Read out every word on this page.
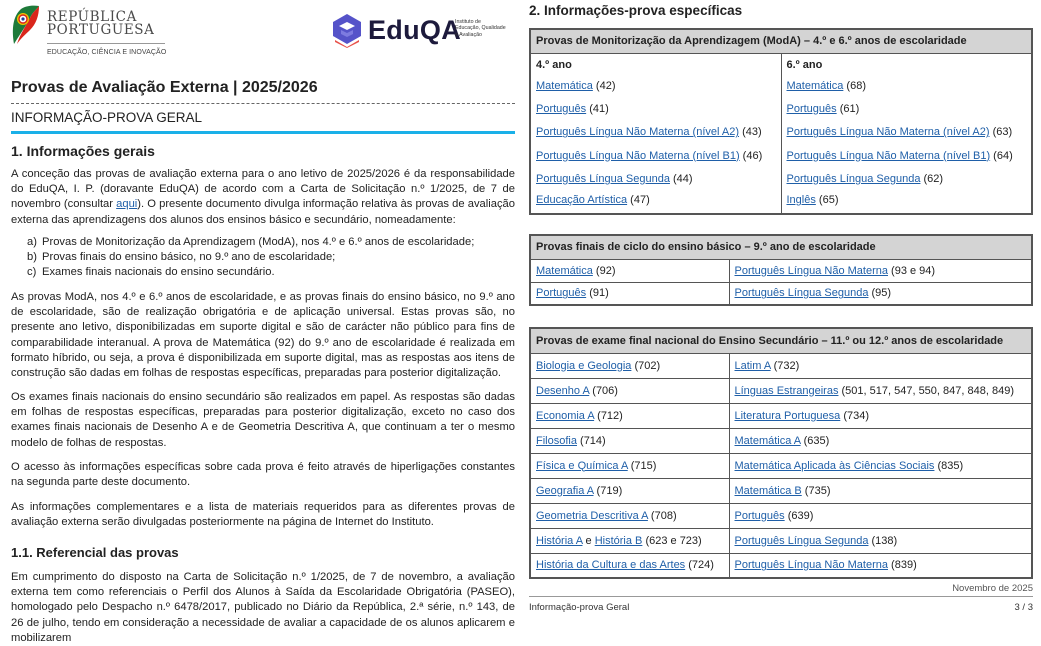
REPÚBLICA
PORTUGUESA
EDUCAÇÃO, CIÊNCIA E INOVAÇÃO
EduQA
Instituto de
Educação, Qualidade
e Avaliação
Provas de Avaliação Externa | 2025/2026
INFORMAÇÃO-PROVA GERAL
1. Informações gerais

A conceção das provas de avaliação externa para o ano letivo de 2025/2026 é da responsabilidade do EduQA, I. P. (doravante EduQA) de acordo com a Carta de Solicitação n.º 1/2025, de 7 de novembro (consultar aqui). O presente documento divulga informação relativa às provas de avaliação externa das aprendizagens dos alunos dos ensinos básico e secundário, nomeadamente:

a) Provas de Monitorização da Aprendizagem (ModA), nos 4.º e 6.º anos de escolaridade;
b) Provas finais do ensino básico, no 9.º ano de escolaridade;
c) Exames finais nacionais do ensino secundário.

As provas ModA, nos 4.º e 6.º anos de escolaridade, e as provas finais do ensino básico, no 9.º ano de escolaridade, são de realização obrigatória e de aplicação universal. Estas provas são, no presente ano letivo, disponibilizadas em suporte digital e são de carácter não público para fins de comparabilidade interanual. A prova de Matemática (92) do 9.º ano de escolaridade é realizada em formato híbrido, ou seja, a prova é disponibilizada em suporte digital, mas as respostas aos itens de construção são dadas em folhas de respostas específicas, preparadas para posterior digitalização.

Os exames finais nacionais do ensino secundário são realizados em papel. As respostas são dadas em folhas de respostas específicas, preparadas para posterior digitalização, exceto no caso dos exames finais nacionais de Desenho A e de Geometria Descritiva A, que continuam a ter o mesmo modelo de folhas de respostas.

O acesso às informações específicas sobre cada prova é feito através de hiperligações constantes na segunda parte deste documento.

As informações complementares e a lista de materiais requeridos para as diferentes provas de avaliação externa serão divulgadas posteriormente na página de Internet do Instituto.

1.1. Referencial das provas

Em cumprimento do disposto na Carta de Solicitação n.º 1/2025, de 7 de novembro, a avaliação externa tem como referenciais o Perfil dos Alunos à Saída da Escolaridade Obrigatória (PASEO), homologado pelo Despacho n.º 6478/2017, publicado no Diário da República, 2.ª série, n.º 143, de 26 de julho, tendo em consideração a necessidade de avaliar a capacidade de os alunos aplicarem e mobilizarem

2. Informações-prova específicas
Provas de Monitorização da Aprendizagem (ModA) – 4.º e 6.º anos de escolaridade	
4.º ano	6.º ano
Matemática (42)	Matemática (68)
Português (41)	Português (61)
Português Língua Não Materna (nível A2) (43)	Português Língua Não Materna (nível A2) (63)
Português Língua Não Materna (nível B1) (46)	Português Língua Não Materna (nível B1) (64)
Português Língua Segunda (44)	Português Língua Segunda (62)
Educação Artística (47)	Inglês (65)
Provas finais de ciclo do ensino básico – 9.º ano de escolaridade	
Matemática (92)	Português Língua Não Materna (93 e 94)
Português (91)	Português Língua Segunda (95)
Provas de exame final nacional do Ensino Secundário – 11.º ou 12.º anos de escolaridade	
Biologia e Geologia (702)	Latim A (732)
Desenho A (706)	Línguas Estrangeiras (501, 517, 547, 550, 847, 848, 849)
Economia A (712)	Literatura Portuguesa (734)
Filosofia (714)	Matemática A (635)
Física e Química A (715)	Matemática Aplicada às Ciências Sociais (835)
Geografia A (719)	Matemática B (735)
Geometria Descritiva A (708)	Português (639)
História A e História B (623 e 723)	Português Língua Segunda (138)
História da Cultura e das Artes (724)	Português Língua Não Materna (839)
Novembro de 2025
Informação-prova Geral	3 / 3
